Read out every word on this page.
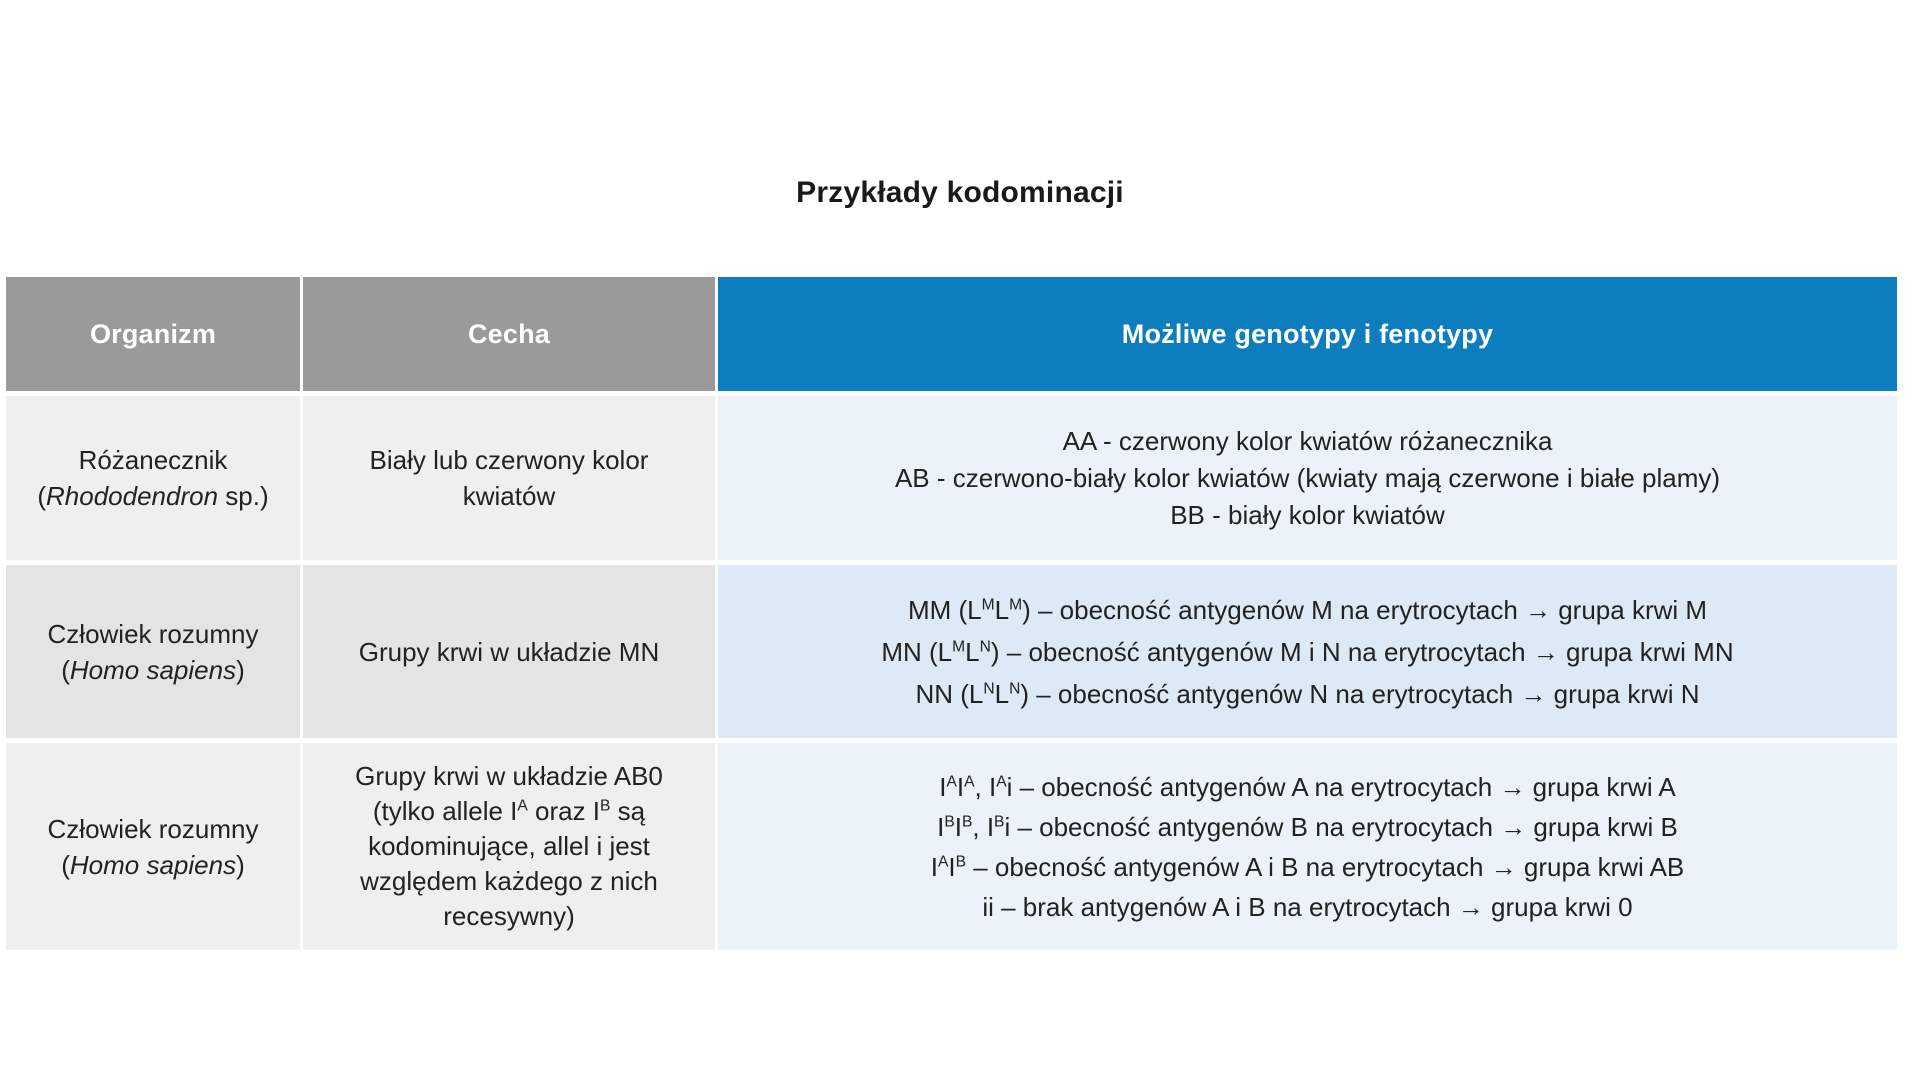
Przykłady kodominacji
Organizm	Cecha	Możliwe genotypy i fenotypy
Różanecznik
(Rhododendron sp.)
Biały lub czerwony kolor kwiatów
AA - czerwony kolor kwiatów różanecznika
AB - czerwono-biały kolor kwiatów (kwiaty mają czerwone i białe plamy)
BB - biały kolor kwiatów
Człowiek rozumny
(Homo sapiens)
Grupy krwi w układzie MN
MM $(L^ML^M)$ – obecność antygenów M na erytrocytach → grupa krwi M
MN $(L^ML^N)$ – obecność antygenów M i N na erytrocytach → grupa krwi MN
NN $(L^NL^N)$ – obecność antygenów N na erytrocytach → grupa krwi N
Człowiek rozumny
(Homo sapiens)
Grupy krwi w układzie AB0
(tylko allele $I^A$ oraz $I^B$ są
kodominujące, allel i jest
względem każdego z nich
recesywny)
$I^AI^A$, $I^Ai$ – obecność antygenów A na erytrocytach → grupa krwi A
$I^BI^B$, $I^Bi$ – obecność antygenów B na erytrocytach → grupa krwi B
$I^AI^B$ – obecność antygenów A i B na erytrocytach → grupa krwi AB
ii – brak antygenów A i B na erytrocytach → grupa krwi 0
